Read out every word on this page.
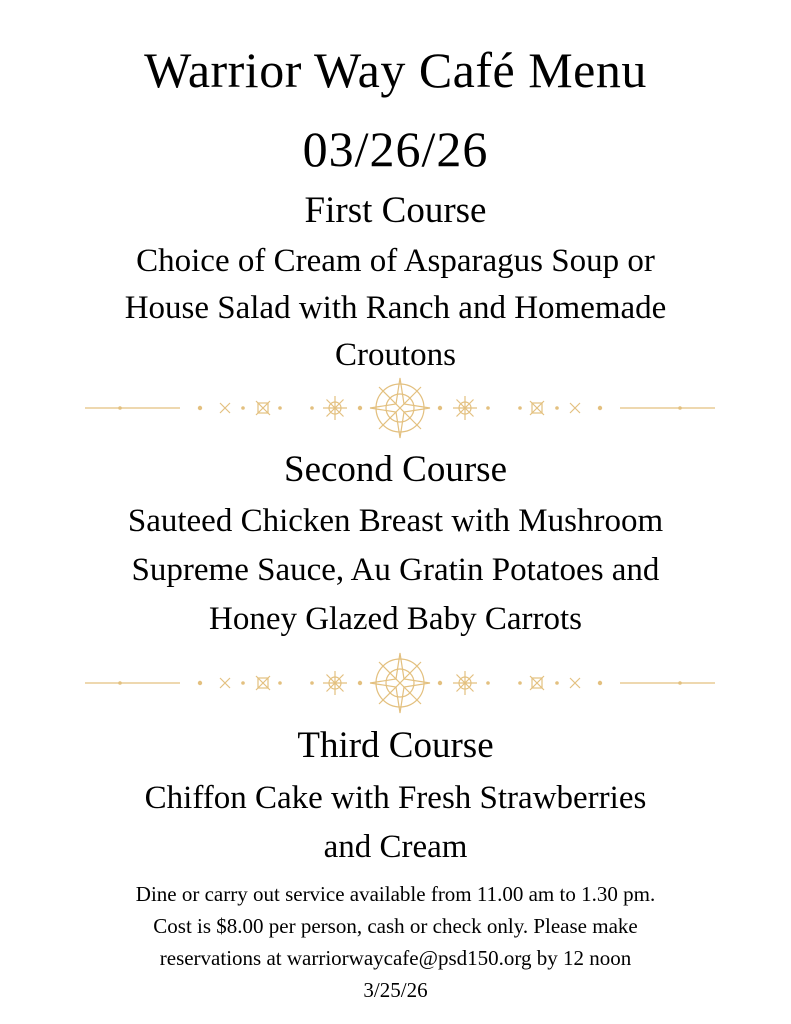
Warrior Way Café Menu
03/26/26
First Course
Choice of Cream of Asparagus Soup or
House Salad with Ranch and Homemade
Croutons
Second Course
Sauteed Chicken Breast with Mushroom
Supreme Sauce, Au Gratin Potatoes and
Honey Glazed Baby Carrots
Third Course
Chiffon Cake with Fresh Strawberries
and Cream
Dine or carry out service available from 11.00 am to 1.30 pm.
Cost is $8.00 per person, cash or check only. Please make
reservations at warriorwaycafe@psd150.org by 12 noon
3/25/26
